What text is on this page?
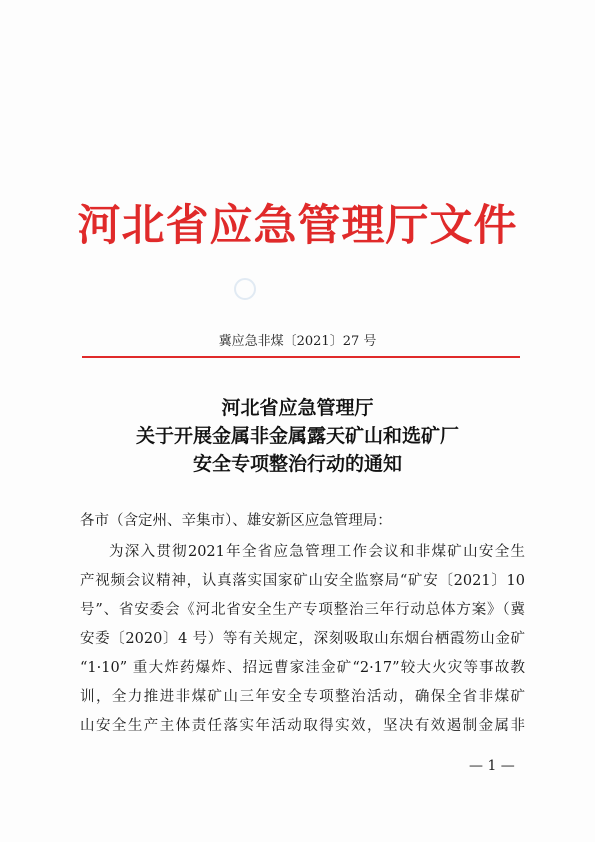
河北省应急管理厅文件
冀应急非煤〔2021〕27 号
河北省应急管理厅
关于开展金属非金属露天矿山和选矿厂
安全专项整治行动的通知
各市（含定州、辛集市）、雄安新区应急管理局：
为深入贯彻2021年全省应急管理工作会议和非煤矿山安全生
产视频会议精神，认真落实国家矿山安全监察局“矿安〔2021〕10
号”、省安委会《河北省安全生产专项整治三年行动总体方案》（冀
安委〔2020〕4 号）等有关规定，深刻吸取山东烟台栖霞笏山金矿
“1·10” 重大炸药爆炸、招远曹家洼金矿“2·17”较大火灾等事故教
训，全力推进非煤矿山三年安全专项整治活动，确保全省非煤矿
山安全生产主体责任落实年活动取得实效，坚决有效遏制金属非
— 1 —
